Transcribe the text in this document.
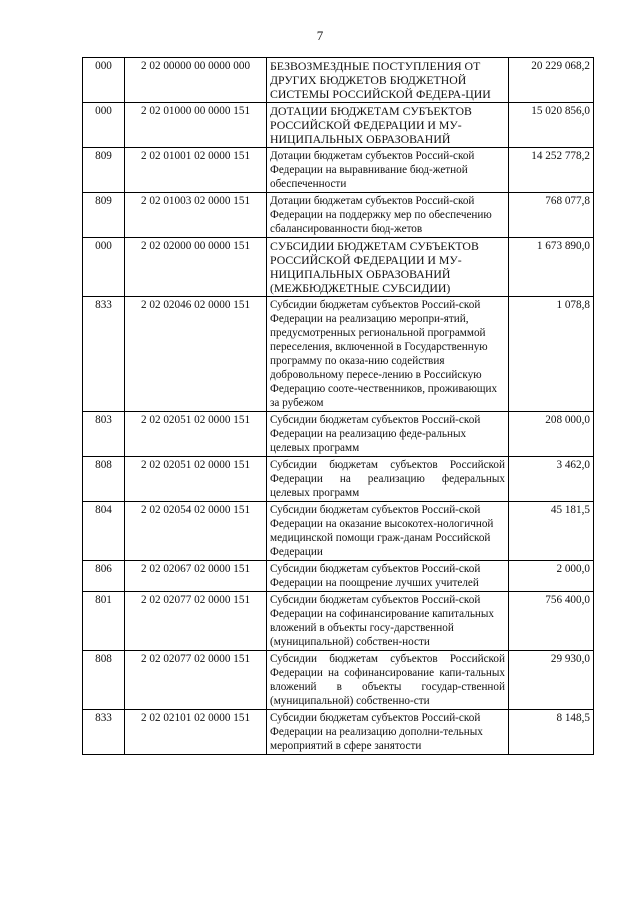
7
000	2 02 00000 00 0000 000	БЕЗВОЗМЕЗДНЫЕ ПОСТУПЛЕНИЯ ОТ ДРУГИХ БЮДЖЕТОВ БЮДЖЕТНОЙ СИСТЕМЫ РОССИЙСКОЙ ФЕДЕРА-ЦИИ	20 229 068,2
000	2 02 01000 00 0000 151	ДОТАЦИИ БЮДЖЕТАМ СУБЪЕКТОВ РОССИЙСКОЙ ФЕДЕРАЦИИ И МУ-НИЦИПАЛЬНЫХ ОБРАЗОВАНИЙ	15 020 856,0
809	2 02 01001 02 0000 151	Дотации бюджетам субъектов Россий-ской Федерации на выравнивание бюд-жетной обеспеченности	14 252 778,2
809	2 02 01003 02 0000 151	Дотации бюджетам субъектов Россий-ской Федерации на поддержку мер по обеспечению сбалансированности бюд-жетов	768 077,8
000	2 02 02000 00 0000 151	СУБСИДИИ БЮДЖЕТАМ СУБЪЕКТОВ РОССИЙСКОЙ ФЕДЕРАЦИИ И МУ-НИЦИПАЛЬНЫХ ОБРАЗОВАНИЙ (МЕЖБЮДЖЕТНЫЕ СУБСИДИИ)	1 673 890,0
833	2 02 02046 02 0000 151	Субсидии бюджетам субъектов Россий-ской Федерации на реализацию меропри-ятий, предусмотренных региональной программой переселения, включенной в Государственную программу по оказа-нию содействия добровольному пересе-лению в Российскую Федерацию соотe-чественников, проживающих за рубежом	1 078,8
803	2 02 02051 02 0000 151	Субсидии бюджетам субъектов Россий-ской Федерации на реализацию феде-ральных целевых программ	208 000,0
808	2 02 02051 02 0000 151	Субсидии бюджетам субъектов Российской Федерации на реализацию федеральных целевых программ	3 462,0
804	2 02 02054 02 0000 151	Субсидии бюджетам субъектов Россий-ской Федерации на оказание высокотех-нологичной медицинской помощи граж-данам Российской Федерации	45 181,5
806	2 02 02067 02 0000 151	Субсидии бюджетам субъектов Россий-ской Федерации на поощрение лучших учителей	2 000,0
801	2 02 02077 02 0000 151	Субсидии бюджетам субъектов Россий-ской Федерации на софинансирование капитальных вложений в объекты госу-дарственной (муниципальной) собствен-ности	756 400,0
808	2 02 02077 02 0000 151	Субсидии бюджетам субъектов Российской Федерации на софинансирование капи-тальных вложений в объекты государ-ственной (муниципальной) собственно-сти	29 930,0
833	2 02 02101 02 0000 151	Субсидии бюджетам субъектов Россий-ской Федерации на реализацию дополни-тельных мероприятий в сфере занятости	8 148,5
